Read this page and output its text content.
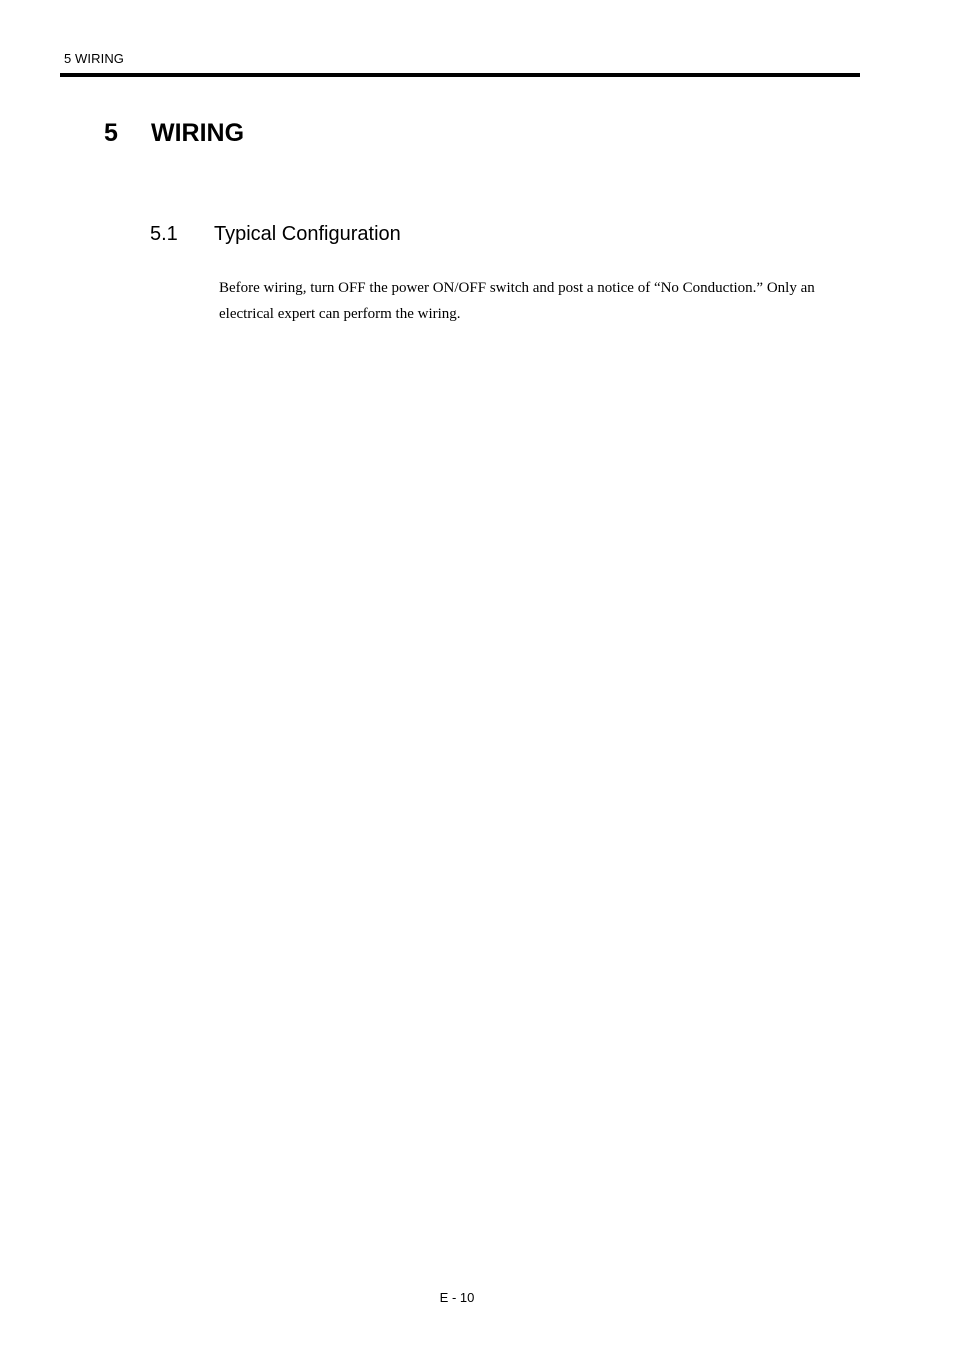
5 WIRING
5 WIRING
5.1 Typical Configuration

Before wiring, turn OFF the power ON/OFF switch and post a notice of “No Conduction.” Only an electrical expert can perform the wiring.

E - 10
